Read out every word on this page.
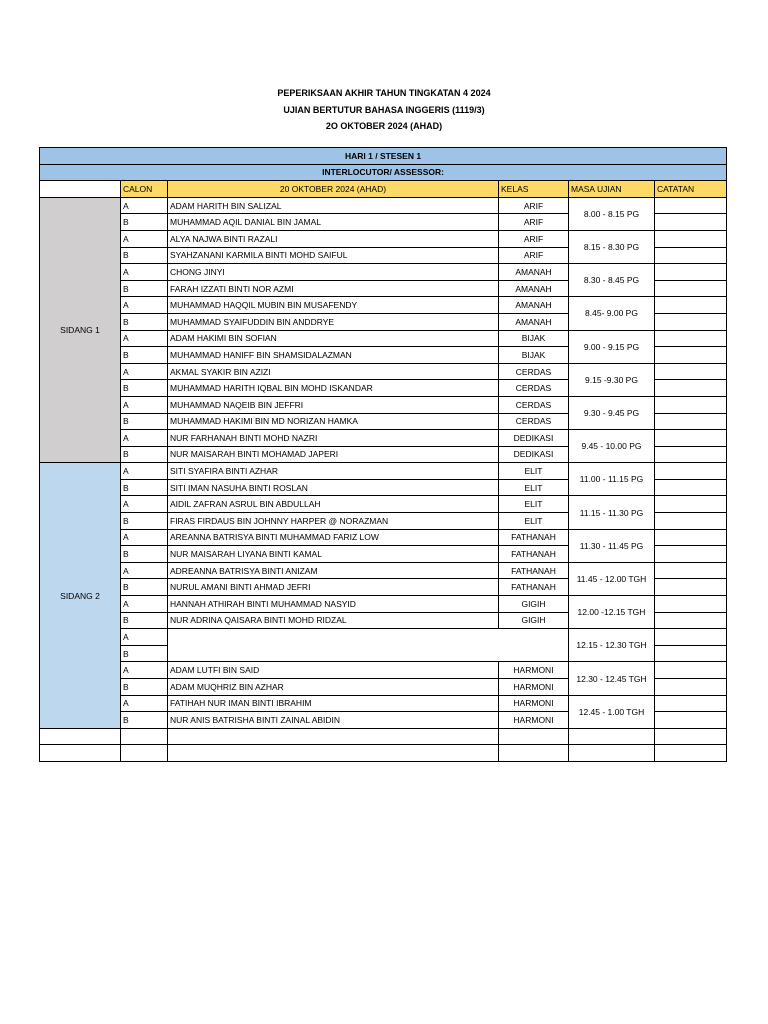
PEPERIKSAAN AKHIR TAHUN TINGKATAN 4 2024
UJIAN BERTUTUR BAHASA INGGERIS (1119/3)
2O OKTOBER 2024 (AHAD)
HARI 1 / STESEN 1					
INTERLOCUTOR/ ASSESSOR:					
	CALON	20 OKTOBER 2024 (AHAD)	KELAS	MASA UJIAN	CATATAN
SIDANG 1	A	ADAM HARITH BIN SALIZAL	ARIF	8.00 - 8.15 PG	
	B	MUHAMMAD AQIL DANIAL BIN JAMAL	ARIF		
	A	ALYA NAJWA BINTI RAZALI	ARIF	8.15 - 8.30 PG	
	B	SYAHZANANI KARMILA BINTI MOHD SAIFUL	ARIF		
	A	CHONG JINYI	AMANAH	8.30 - 8.45 PG	
	B	FARAH IZZATI BINTI NOR AZMI	AMANAH		
	A	MUHAMMAD HAQQIL MUBIN BIN MUSAFENDY	AMANAH	8.45- 9.00 PG	
	B	MUHAMMAD SYAIFUDDIN BIN ANDDRYE	AMANAH		
	A	ADAM HAKIMI BIN SOFIAN	BIJAK	9.00 - 9.15 PG	
	B	MUHAMMAD HANIFF BIN SHAMSIDALAZMAN	BIJAK		
	A	AKMAL SYAKIR BIN AZIZI	CERDAS	9.15 -9.30 PG	
	B	MUHAMMAD HARITH IQBAL BIN MOHD ISKANDAR	CERDAS		
	A	MUHAMMAD NAQEIB BIN JEFFRI	CERDAS	9.30 - 9.45 PG	
	B	MUHAMMAD HAKIMI BIN MD NORIZAN HAMKA	CERDAS		
	A	NUR FARHANAH BINTI MOHD NAZRI	DEDIKASI	9.45 - 10.00 PG	
	B	NUR MAISARAH BINTI MOHAMAD JAPERI	DEDIKASI		
SIDANG 2	A	SITI SYAFIRA BINTI AZHAR	ELIT	11.00 - 11.15 PG	
	B	SITI IMAN NASUHA BINTI ROSLAN	ELIT		
	A	AIDIL ZAFRAN ASRUL BIN ABDULLAH	ELIT	11.15 - 11.30 PG	
	B	FIRAS FIRDAUS BIN JOHNNY HARPER @ NORAZMAN	ELIT		
	A	AREANNA BATRISYA BINTI MUHAMMAD FARIZ LOW	FATHANAH	11.30 - 11.45 PG	
	B	NUR MAISARAH LIYANA BINTI KAMAL	FATHANAH		
	A	ADREANNA BATRISYA BINTI ANIZAM	FATHANAH	11.45 - 12.00 TGH	
	B	NURUL AMANI BINTI AHMAD JEFRI	FATHANAH		
	A	HANNAH ATHIRAH BINTI MUHAMMAD NASYID	GIGIH	12.00 -12.15 TGH	
	B	NUR ADRINA QAISARA BINTI MOHD RIDZAL	GIGIH		
	A			12.15 - 12.30 TGH	
	B				
	A	ADAM LUTFI BIN SAID	HARMONI	12.30 - 12.45 TGH	
	B	ADAM MUQHRIZ BIN AZHAR	HARMONI		
	A	FATIHAH NUR IMAN BINTI IBRAHIM	HARMONI	12.45 - 1.00 TGH	
	B	NUR ANIS BATRISHA BINTI ZAINAL ABIDIN	HARMONI		
